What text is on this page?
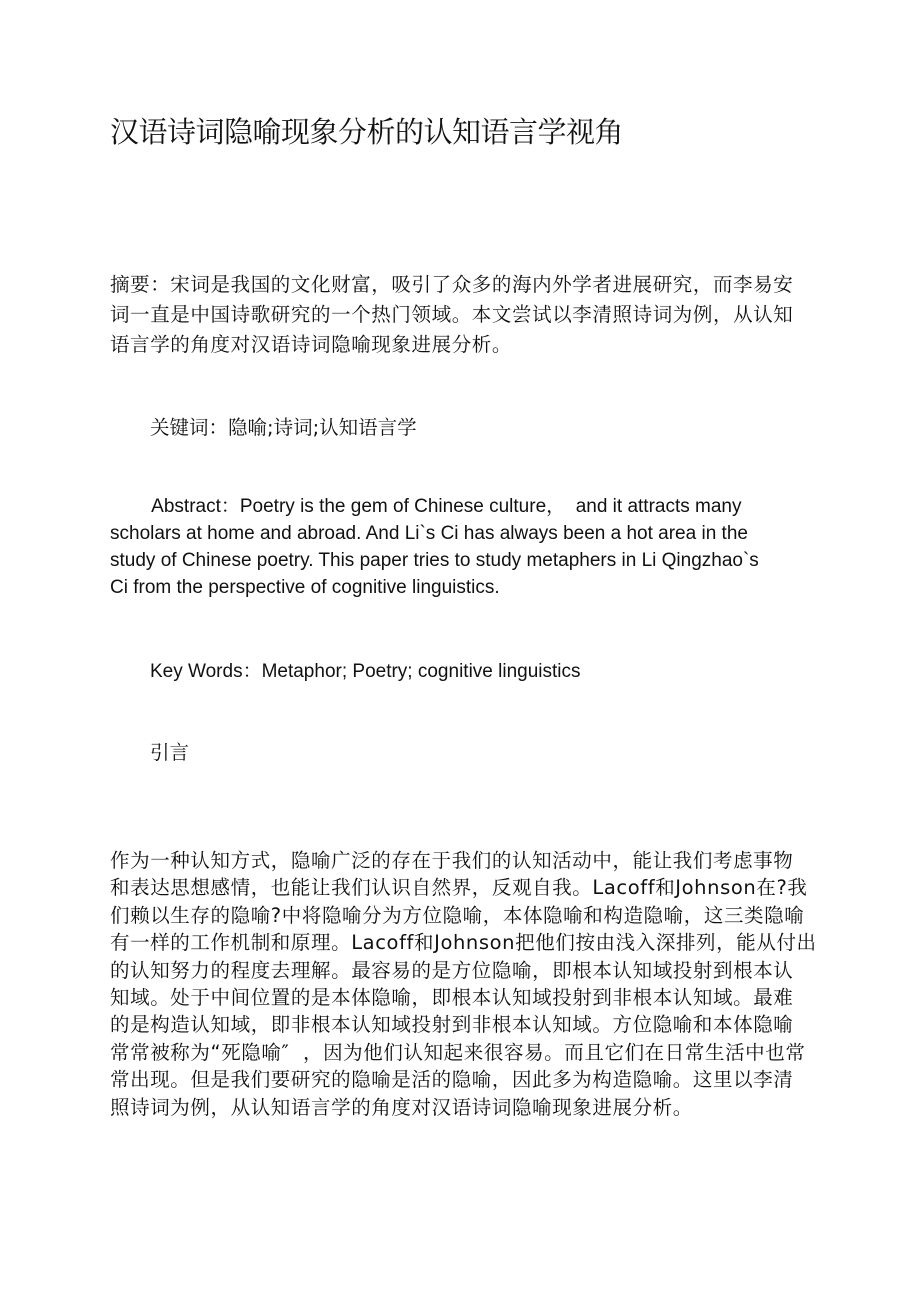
汉语诗词隐喻现象分析的认知语言学视角
摘要：宋词是我国的文化财富，吸引了众多的海内外学者进展研究，而李易安
词一直是中国诗歌研究的一个热门领域。本文尝试以李清照诗词为例，从认知
语言学的角度对汉语诗词隐喻现象进展分析。
关键词：隐喻;诗词;认知语言学
Abstract：Poetry is the gem of Chinese culture，  and it attracts many
scholars at home and abroad. And Li`s Ci has always been a hot area in the
study of Chinese poetry. This paper tries to study metaphers in Li Qingzhao`s
Ci from the perspective of cognitive linguistics.
Key Words：Metaphor; Poetry; cognitive linguistics
引言
作为一种认知方式，隐喻广泛的存在于我们的认知活动中，能让我们考虑事物
和表达思想感情，也能让我们认识自然界，反观自我。Lacoff和Johnson在?我
们赖以生存的隐喻?中将隐喻分为方位隐喻，本体隐喻和构造隐喻，这三类隐喻
有一样的工作机制和原理。Lacoff和Johnson把他们按由浅入深排列，能从付出
的认知努力的程度去理解。最容易的是方位隐喻，即根本认知域投射到根本认
知域。处于中间位置的是本体隐喻，即根本认知域投射到非根本认知域。最难
的是构造认知域，即非根本认知域投射到非根本认知域。方位隐喻和本体隐喻
常常被称为“死隐喻″  ，因为他们认知起来很容易。而且它们在日常生活中也常
常出现。但是我们要研究的隐喻是活的隐喻，因此多为构造隐喻。这里以李清
照诗词为例，从认知语言学的角度对汉语诗词隐喻现象进展分析。
